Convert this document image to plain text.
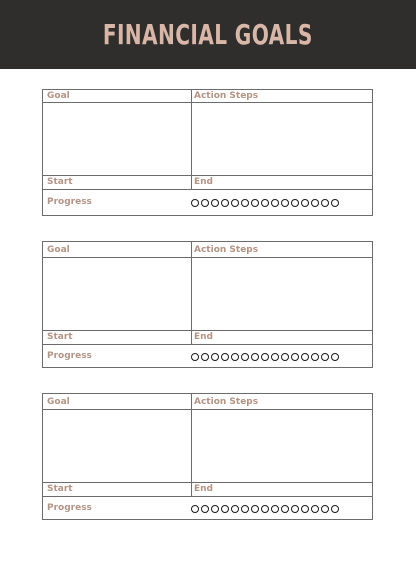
FINANCIAL GOALS
Goal	Action Steps
Start	End
Progress
Goal	Action Steps
Start	End
Progress
Goal	Action Steps
Start	End
Progress
